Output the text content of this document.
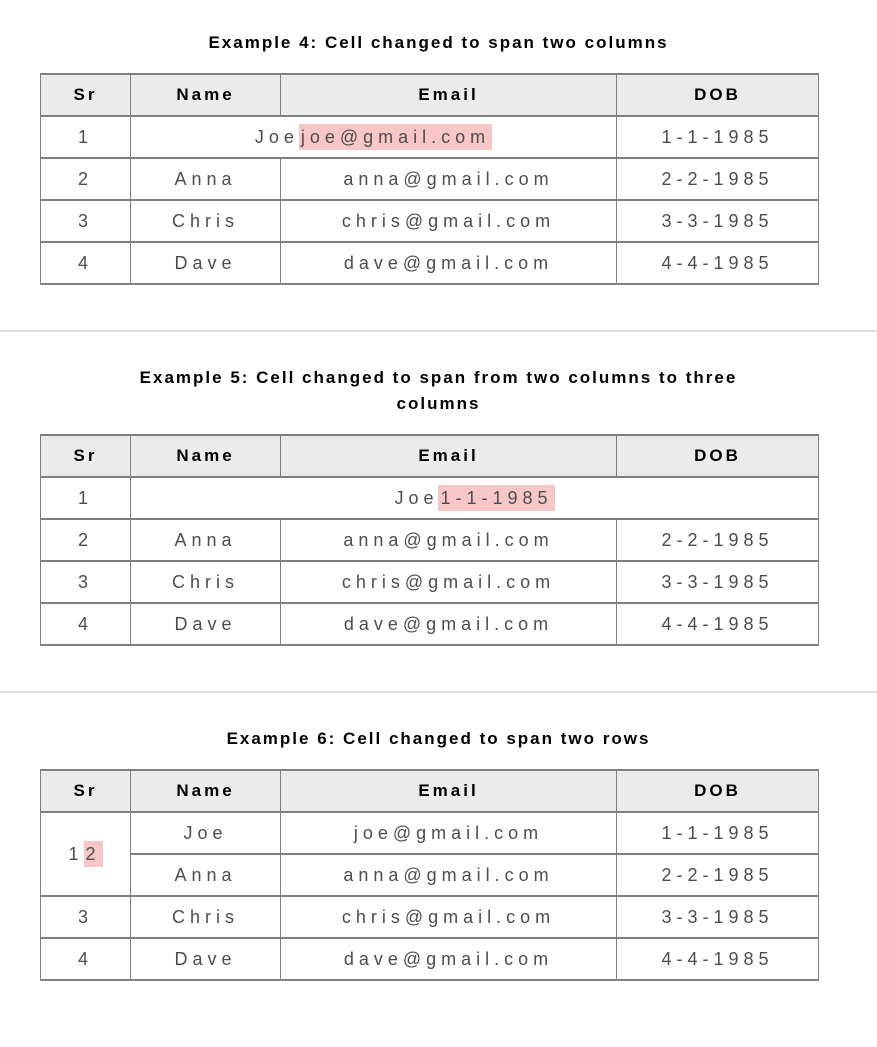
Example 4: Cell changed to span two columns
Sr	Name	Email	DOB
1	Joe joe@gmail.com		1-1-1985
2	Anna	anna@gmail.com	2-2-1985
3	Chris	chris@gmail.com	3-3-1985
4	Dave	dave@gmail.com	4-4-1985
Example 5: Cell changed to span from two columns to three
columns
Sr	Name	Email	DOB
1	Joe 1-1-1985		
2	Anna	anna@gmail.com	2-2-1985
3	Chris	chris@gmail.com	3-3-1985
4	Dave	dave@gmail.com	4-4-1985
Example 6: Cell changed to span two rows
Sr	Name	Email	DOB
1 2	Joe	joe@gmail.com	1-1-1985
	Anna	anna@gmail.com	2-2-1985
3	Chris	chris@gmail.com	3-3-1985
4	Dave	dave@gmail.com	4-4-1985
